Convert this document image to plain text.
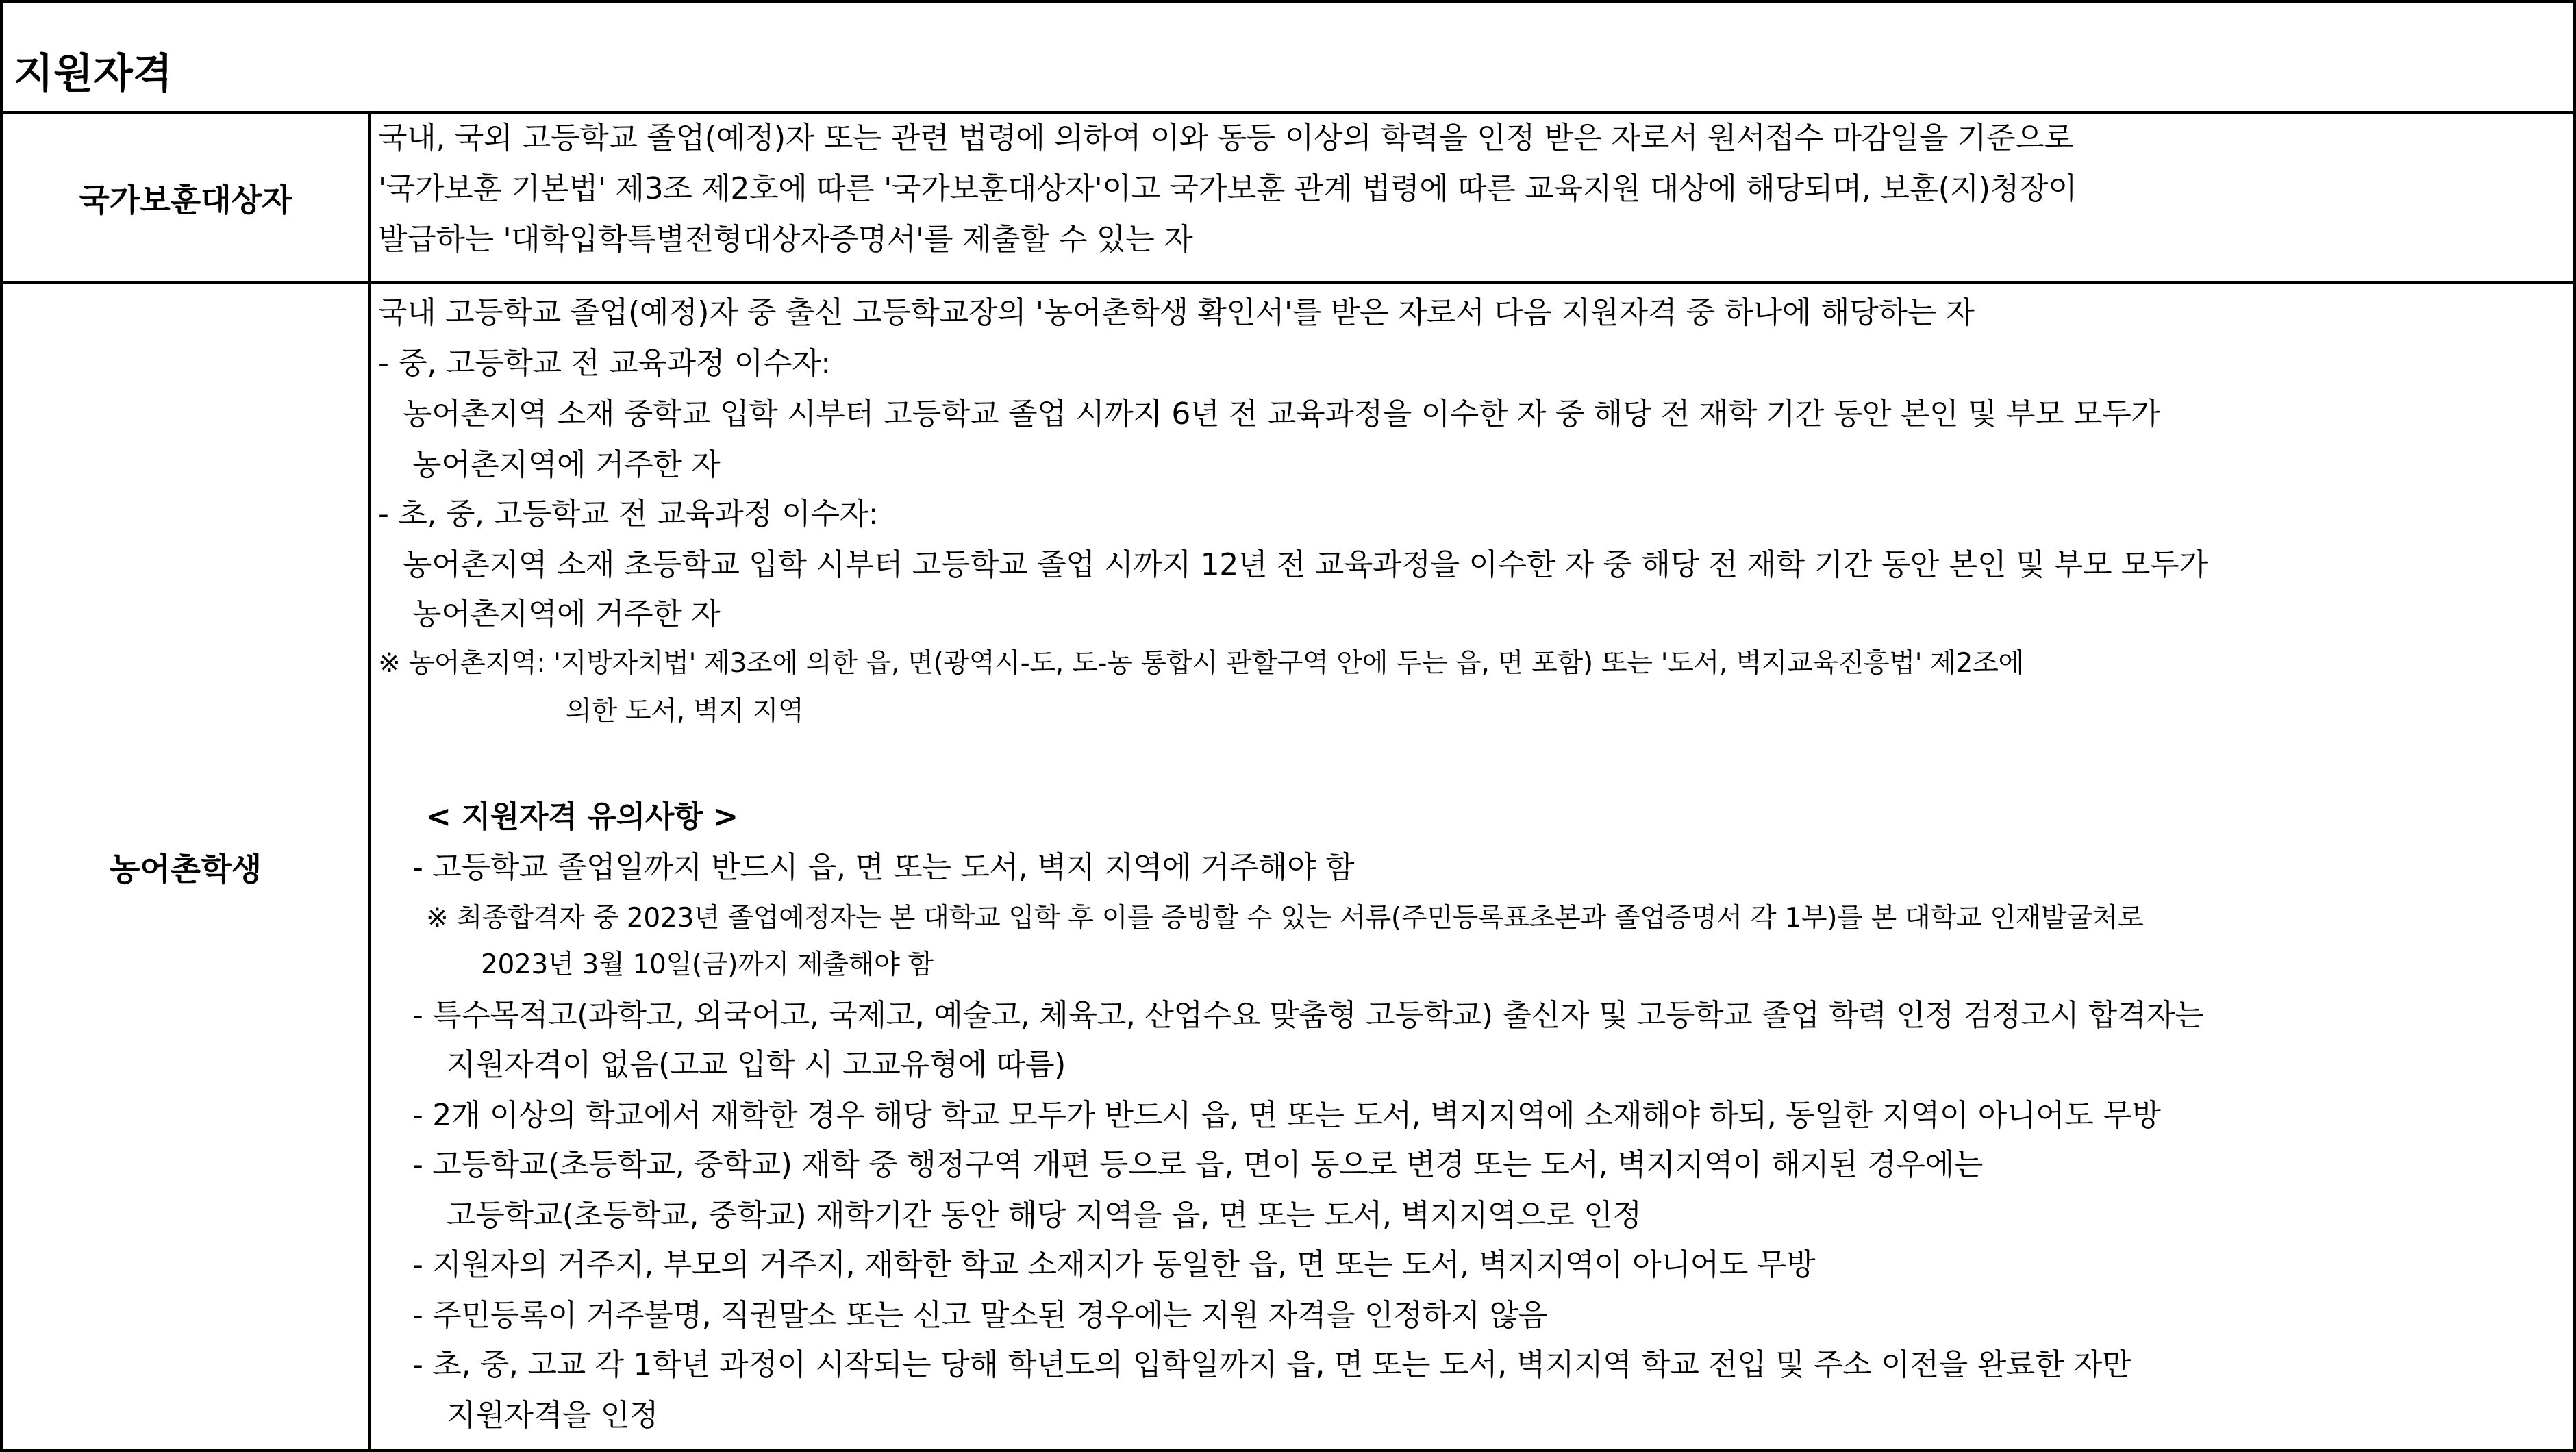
지원자격
국가보훈대상자
국내, 국외 고등학교 졸업(예정)자 또는 관련 법령에 의하여 이와 동등 이상의 학력을 인정 받은 자로서 원서접수 마감일을 기준으로
'국가보훈 기본법' 제3조 제2호에 따른 '국가보훈대상자'이고 국가보훈 관계 법령에 따른 교육지원 대상에 해당되며, 보훈(지)청장이
발급하는 '대학입학특별전형대상자증명서'를 제출할 수 있는 자
농어촌학생
국내 고등학교 졸업(예정)자 중 출신 고등학교장의 '농어촌학생 확인서'를 받은 자로서 다음 지원자격 중 하나에 해당하는 자
- 중, 고등학교 전 교육과정 이수자:
농어촌지역 소재 중학교 입학 시부터 고등학교 졸업 시까지 6년 전 교육과정을 이수한 자 중 해당 전 재학 기간 동안 본인 및 부모 모두가
농어촌지역에 거주한 자
- 초, 중, 고등학교 전 교육과정 이수자:
농어촌지역 소재 초등학교 입학 시부터 고등학교 졸업 시까지 12년 전 교육과정을 이수한 자 중 해당 전 재학 기간 동안 본인 및 부모 모두가
농어촌지역에 거주한 자
※ 농어촌지역: '지방자치법' 제3조에 의한 읍, 면(광역시-도, 도-농 통합시 관할구역 안에 두는 읍, 면 포함) 또는 '도서, 벽지교육진흥법' 제2조에
의한 도서, 벽지 지역
< 지원자격 유의사항 >
- 고등학교 졸업일까지 반드시 읍, 면 또는 도서, 벽지 지역에 거주해야 함
※ 최종합격자 중 2023년 졸업예정자는 본 대학교 입학 후 이를 증빙할 수 있는 서류(주민등록표초본과 졸업증명서 각 1부)를 본 대학교 인재발굴처로
2023년 3월 10일(금)까지 제출해야 함
- 특수목적고(과학고, 외국어고, 국제고, 예술고, 체육고, 산업수요 맞춤형 고등학교) 출신자 및 고등학교 졸업 학력 인정 검정고시 합격자는
지원자격이 없음(고교 입학 시 고교유형에 따름)
- 2개 이상의 학교에서 재학한 경우 해당 학교 모두가 반드시 읍, 면 또는 도서, 벽지지역에 소재해야 하되, 동일한 지역이 아니어도 무방
- 고등학교(초등학교, 중학교) 재학 중 행정구역 개편 등으로 읍, 면이 동으로 변경 또는 도서, 벽지지역이 해지된 경우에는
고등학교(초등학교, 중학교) 재학기간 동안 해당 지역을 읍, 면 또는 도서, 벽지지역으로 인정
- 지원자의 거주지, 부모의 거주지, 재학한 학교 소재지가 동일한 읍, 면 또는 도서, 벽지지역이 아니어도 무방
- 주민등록이 거주불명, 직권말소 또는 신고 말소된 경우에는 지원 자격을 인정하지 않음
- 초, 중, 고교 각 1학년 과정이 시작되는 당해 학년도의 입학일까지 읍, 면 또는 도서, 벽지지역 학교 전입 및 주소 이전을 완료한 자만
지원자격을 인정
